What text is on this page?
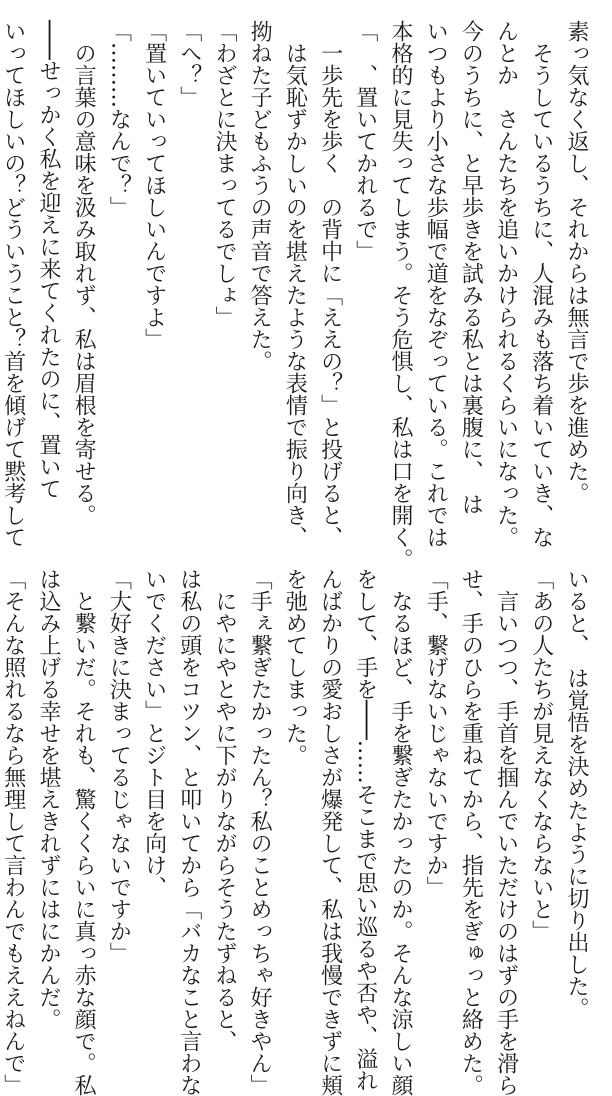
素っ気なく返し、それからは無言で歩を進めた。
　そうしているうちに、人混みも落ち着いていき、な
んとか　さんたちを追いかけられるくらいになった。
今のうちに、と早歩きを試みる私とは裏腹に、　は
いつもより小さな歩幅で道をなぞっている。これでは
本格的に見失ってしまう。そう危惧し、私は口を開く。
「　、置いてかれるで」
　一歩先を歩く　の背中に「ええの？」と投げると、
　は気恥ずかしいのを堪えたような表情で振り向き、
拗ねた子どもふうの声音で答えた。
「わざとに決まってるでしょ」
「へ？」
「置いていってほしいんですよ」
「………なんで？」
　の言葉の意味を汲み取れず、私は眉根を寄せる。
───せっかく私を迎えに来てくれたのに、置いて
いってほしいの？どういうこと？首を傾げて黙考して
いると、　は覚悟を決めたように切り出した。
「あの人たちが見えなくならないと」
　言いつつ、手首を掴んでいただけのはずの手を滑ら
せ、手のひらを重ねてから、指先をぎゅっと絡めた。
「手、繋げないじゃないですか」
　なるほど、手を繋ぎたかったのか。そんな涼しい顔
をして、手を───……そこまで思い巡るや否や、溢れ
んばかりの愛おしさが爆発して、私は我慢できずに頬
を弛めてしまった。
「手ぇ繋ぎたかったん？私のことめっちゃ好きやん」
　にやにやとやに下がりながらそうたずねると、
は私の頭をコツン、と叩いてから「バカなこと言わな
いでください」とジト目を向け、
「大好きに決まってるじゃないですか」
　と繋いだ。それも、驚くくらいに真っ赤な顔で。私
は込み上げる幸せを堪えきれずにはにかんだ。
「そんな照れるなら無理して言わんでもええねんで」
